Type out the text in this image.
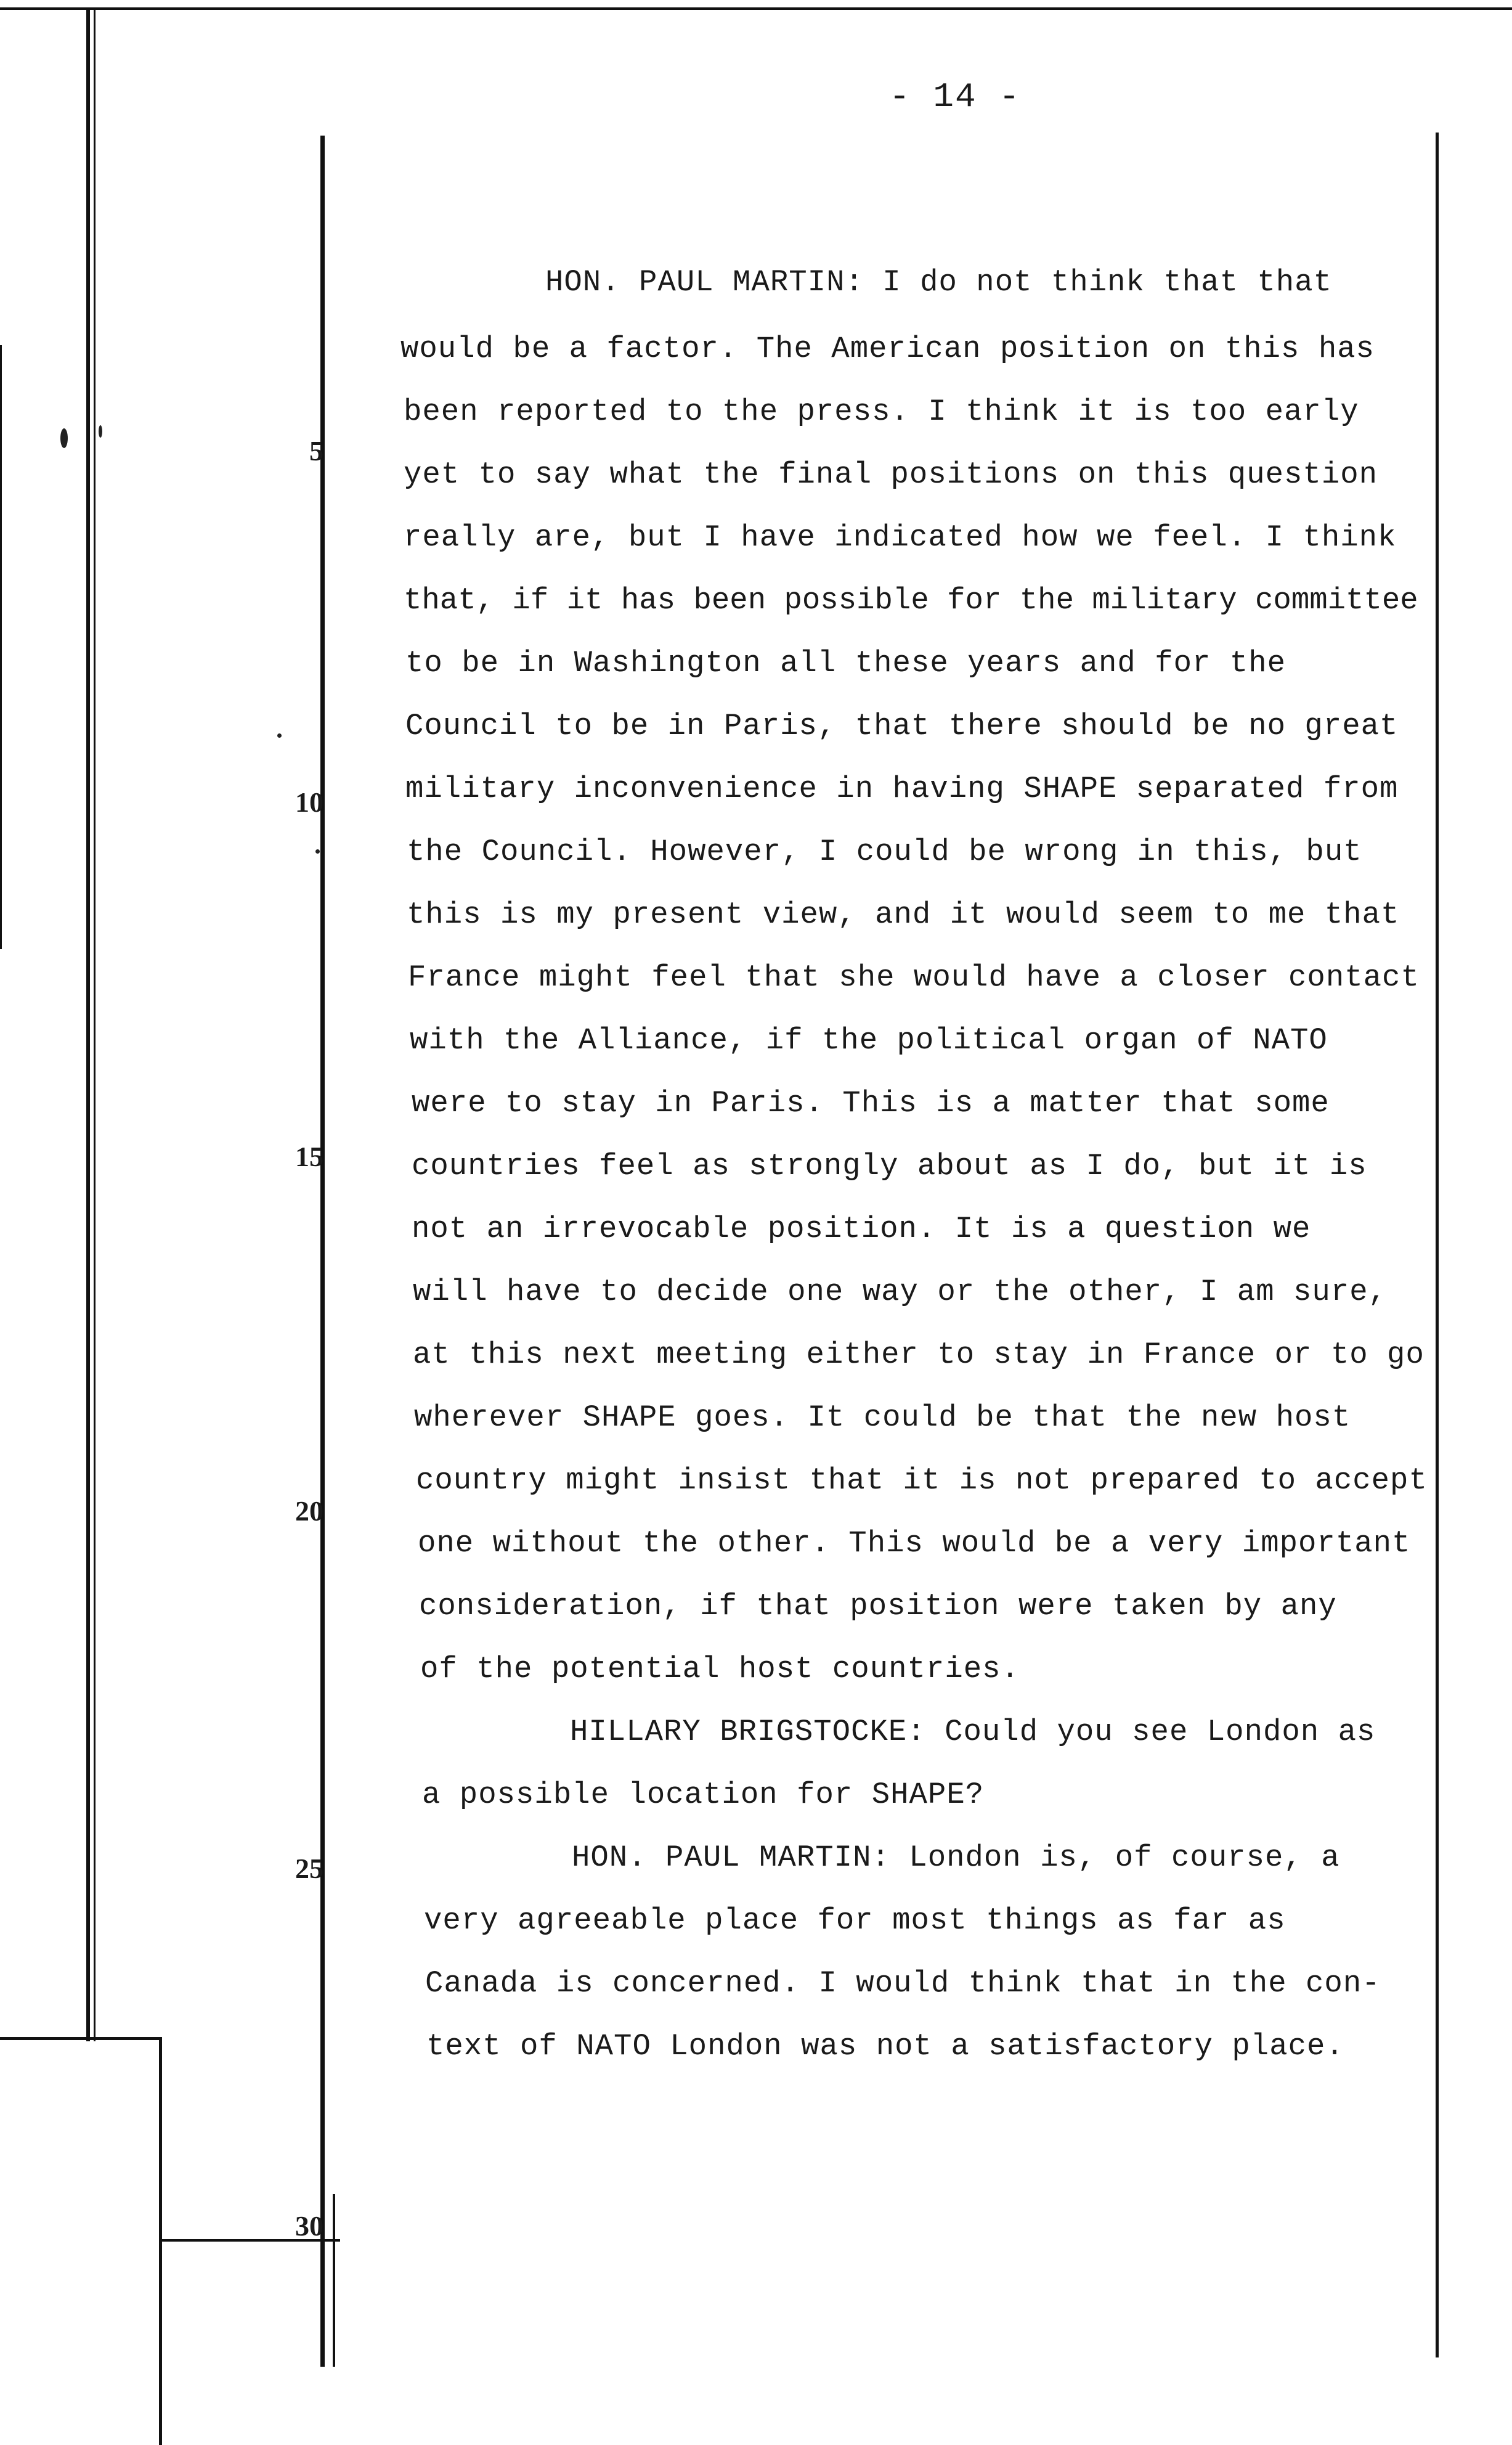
- 14 -
5
10
15
20
25
30
HON. PAUL MARTIN: I do not think that that
would be a factor. The American position on this has
been reported to the press. I think it is too early
yet to say what the final positions on this question
really are, but I have indicated how we feel. I think
that, if it has been possible for the military committee
to be in Washington all these years and for the
Council to be in Paris, that there should be no great
military inconvenience in having SHAPE separated from
the Council. However, I could be wrong in this, but
this is my present view, and it would seem to me that
France might feel that she would have a closer contact
with the Alliance, if the political organ of NATO
were to stay in Paris. This is a matter that some
countries feel as strongly about as I do, but it is
not an irrevocable position. It is a question we
will have to decide one way or the other, I am sure,
at this next meeting either to stay in France or to go
wherever SHAPE goes. It could be that the new host
country might insist that it is not prepared to accept
one without the other. This would be a very important
consideration, if that position were taken by any
of the potential host countries.
HILLARY BRIGSTOCKE: Could you see London as
a possible location for SHAPE?
HON. PAUL MARTIN: London is, of course, a
very agreeable place for most things as far as
Canada is concerned. I would think that in the con-
text of NATO London was not a satisfactory place.
